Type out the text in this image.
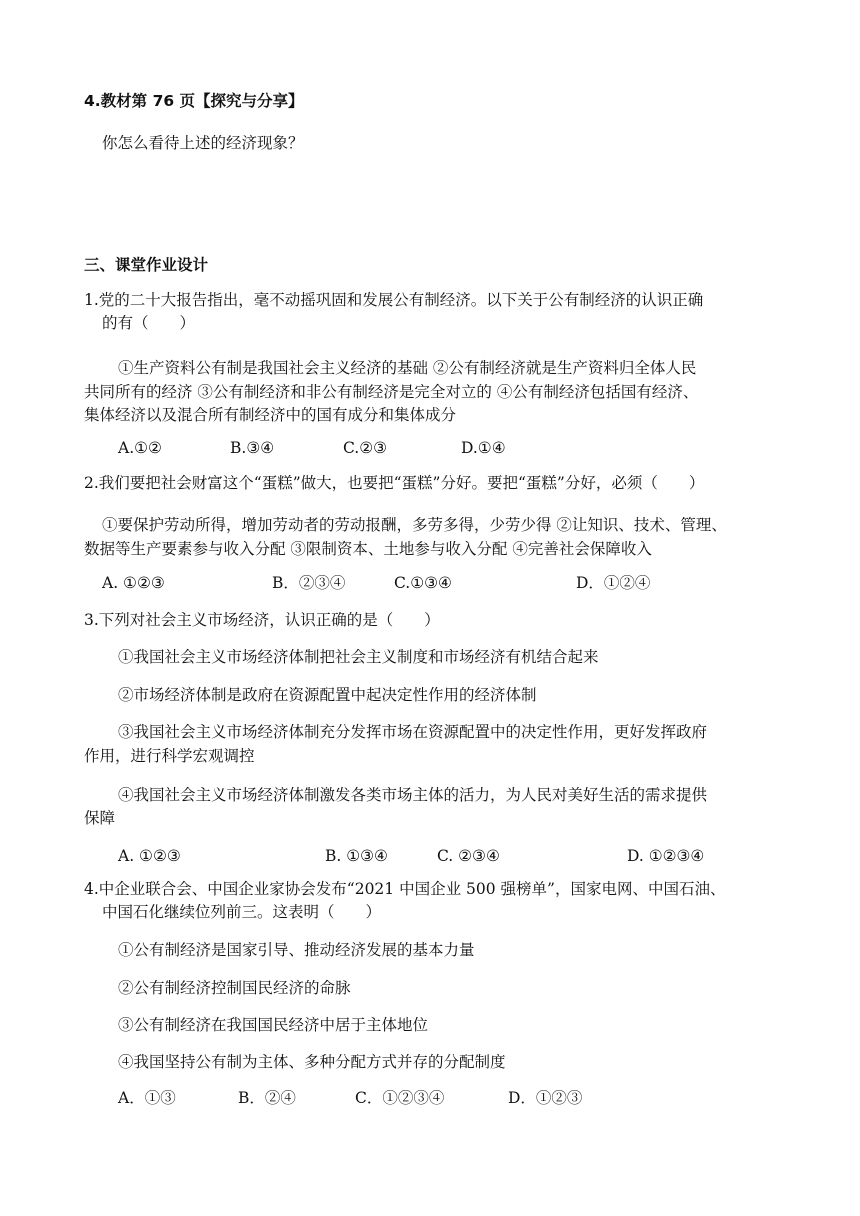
4.教材第 76 页【探究与分享】
你怎么看待上述的经济现象？
三、课堂作业设计
1.党的二十大报告指出，毫不动摇巩固和发展公有制经济。以下关于公有制经济的认识正确
的有（　　）
①生产资料公有制是我国社会主义经济的基础 ②公有制经济就是生产资料归全体人民
共同所有的经济 ③公有制经济和非公有制经济是完全对立的 ④公有制经济包括国有经济、
集体经济以及混合所有制经济中的国有成分和集体成分
A.①②	B.③④	C.②③	D.①④
2.我们要把社会财富这个“蛋糕”做大，也要把“蛋糕”分好。要把“蛋糕”分好，必须（　　）
①要保护劳动所得，增加劳动者的劳动报酬，多劳多得，少劳少得 ②让知识、技术、管理、
数据等生产要素参与收入分配 ③限制资本、土地参与收入分配 ④完善社会保障收入
A. ①②③	B．②③④	C.①③④	D．①②④
3.下列对社会主义市场经济，认识正确的是（　　）
①我国社会主义市场经济体制把社会主义制度和市场经济有机结合起来
②市场经济体制是政府在资源配置中起决定性作用的经济体制
③我国社会主义市场经济体制充分发挥市场在资源配置中的决定性作用，更好发挥政府
作用，进行科学宏观调控
④我国社会主义市场经济体制激发各类市场主体的活力，为人民对美好生活的需求提供
保障
A. ①②③	B. ①③④	C. ②③④	D. ①②③④
4.中企业联合会、中国企业家协会发布“2021 中国企业 500 强榜单”，国家电网、中国石油、
中国石化继续位列前三。这表明（　　）
①公有制经济是国家引导、推动经济发展的基本力量
②公有制经济控制国民经济的命脉
③公有制经济在我国国民经济中居于主体地位
④我国坚持公有制为主体、多种分配方式并存的分配制度
A．①③	B．②④	C．①②③④	D．①②③
